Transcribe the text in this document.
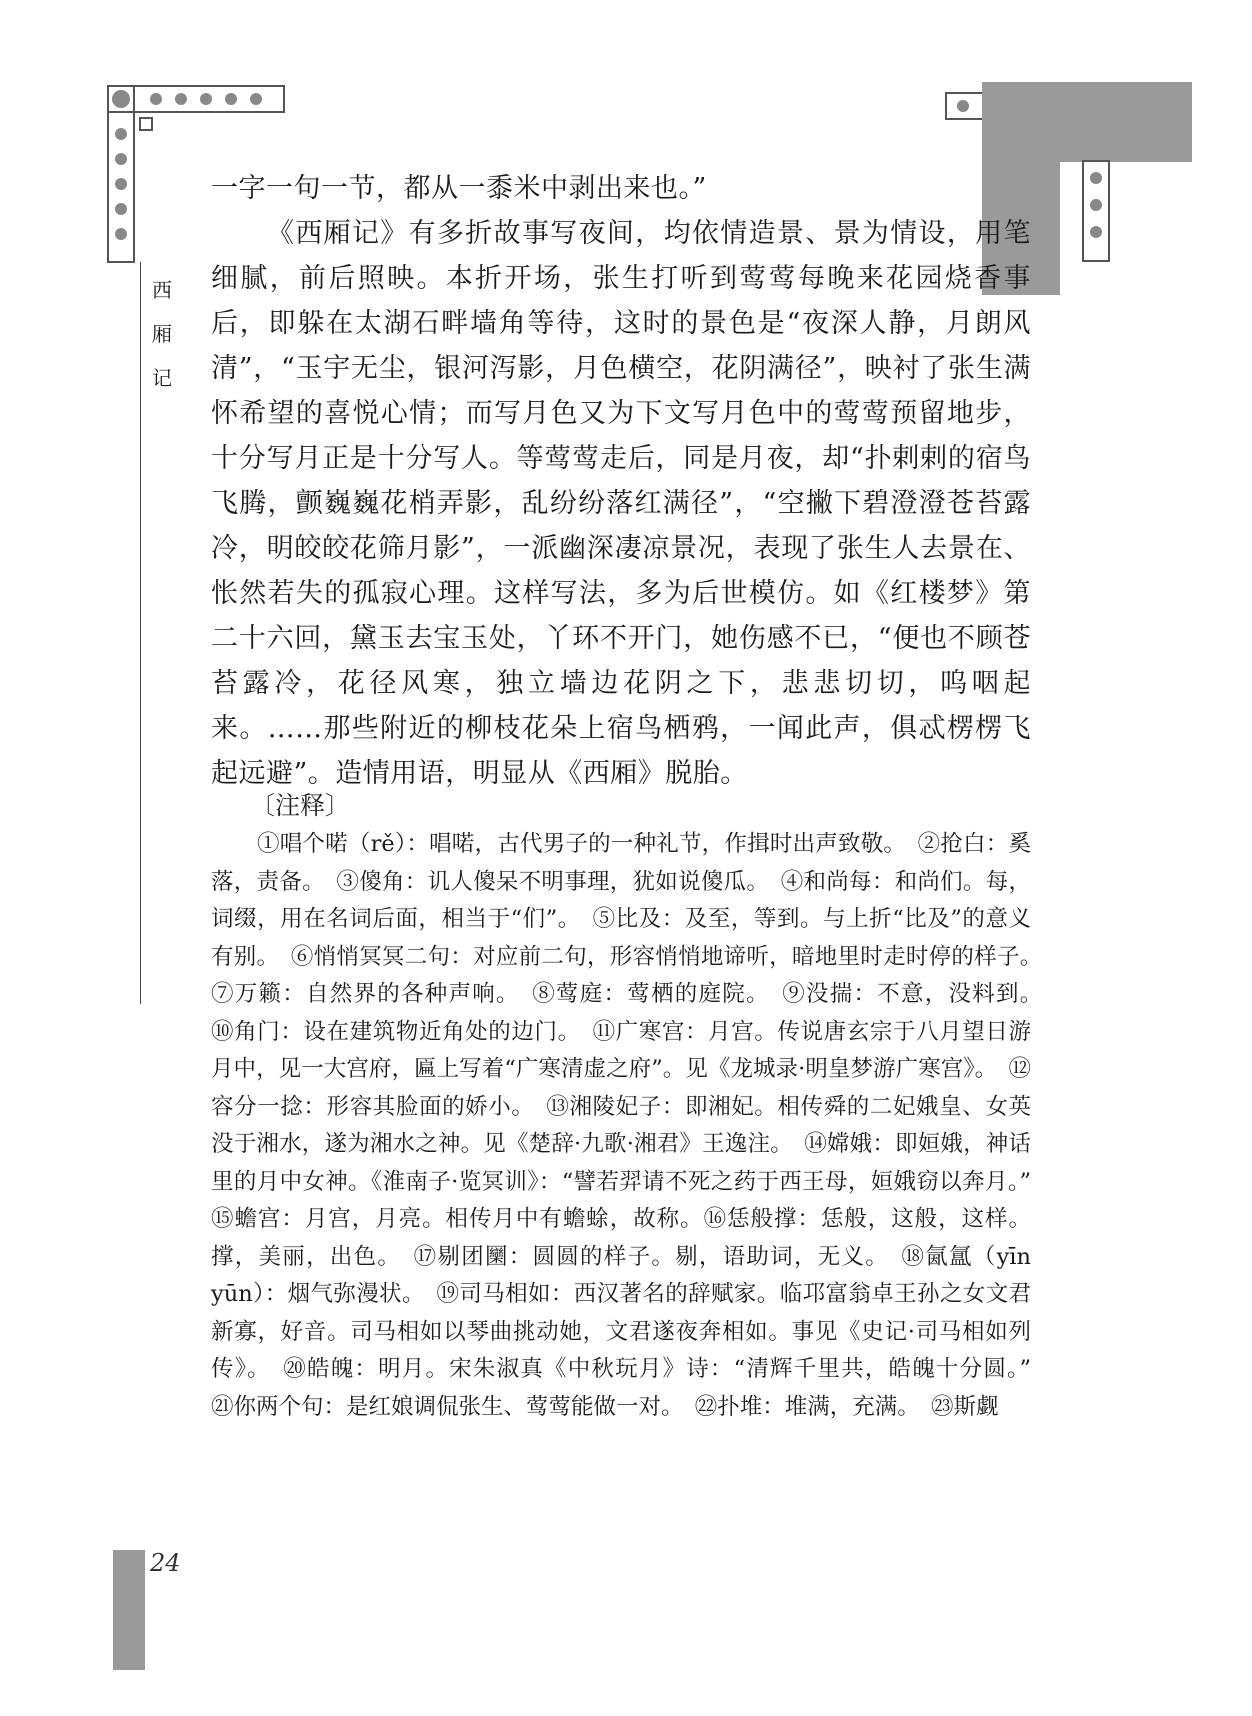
西
厢
记

一字一句一节，都从一黍米中剥出来也。”

《西厢记》有多折故事写夜间，均依情造景、景为情设，用笔细腻，前后照映。本折开场，张生打听到莺莺每晚来花园烧香事后，即躲在太湖石畔墙角等待，这时的景色是“夜深人静，月朗风清”，“玉宇无尘，银河泻影，月色横空，花阴满径”，映衬了张生满怀希望的喜悦心情；而写月色又为下文写月色中的莺莺预留地步，十分写月正是十分写人。等莺莺走后，同是月夜，却“扑剌剌的宿鸟飞腾，颤巍巍花梢弄影，乱纷纷落红满径”，“空撇下碧澄澄苍苔露冷，明皎皎花筛月影”，一派幽深凄凉景况，表现了张生人去景在、怅然若失的孤寂心理。这样写法，多为后世模仿。如《红楼梦》第二十六回，黛玉去宝玉处，丫环不开门，她伤感不已，“便也不顾苍苔露冷，花径风寒，独立墙边花阴之下，悲悲切切，呜咽起来。……那些附近的柳枝花朵上宿鸟栖鸦，一闻此声，俱忒楞楞飞起远避”。造情用语，明显从《西厢》脱胎。

〔注释〕

①唱个喏（rě）：唱喏，古代男子的一种礼节，作揖时出声致敬。　②抢白：奚落，责备。　③傻角：讥人傻呆不明事理，犹如说傻瓜。　④和尚每：和尚们。每，词缀，用在名词后面，相当于“们”。　⑤比及：及至，等到。与上折“比及”的意义有别。　⑥悄悄冥冥二句：对应前二句，形容悄悄地谛听，暗地里时走时停的样子。　⑦万籁：自然界的各种声响。　⑧莺庭：莺栖的庭院。　⑨没揣：不意，没料到。　⑩角门：设在建筑物近角处的边门。　⑪广寒宫：月宫。传说唐玄宗于八月望日游月中，见一大宫府，匾上写着“广寒清虚之府”。见《龙城录·明皇梦游广寒宫》。　⑫容分一捻：形容其脸面的娇小。　⑬湘陵妃子：即湘妃。相传舜的二妃娥皇、女英没于湘水，遂为湘水之神。见《楚辞·九歌·湘君》王逸注。　⑭嫦娥：即姮娥，神话里的月中女神。《淮南子·览冥训》：“譬若羿请不死之药于西王母，姮娥窃以奔月。”　⑮蟾宫：月宫，月亮。相传月中有蟾蜍，故称。⑯恁般撑：恁般，这般，这样。撑，美丽，出色。　⑰剔团圞：圆圆的样子。剔，语助词，无义。　⑱氤氲（yīn yūn）：烟气弥漫状。　⑲司马相如：西汉著名的辞赋家。临邛富翁卓王孙之女文君新寡，好音。司马相如以琴曲挑动她，文君遂夜奔相如。事见《史记·司马相如列传》。　⑳皓魄：明月。宋朱淑真《中秋玩月》诗：“清辉千里共，皓魄十分圆。”　㉑你两个句：是红娘调侃张生、莺莺能做一对。　㉒扑堆：堆满，充满。　㉓斯觑

24
